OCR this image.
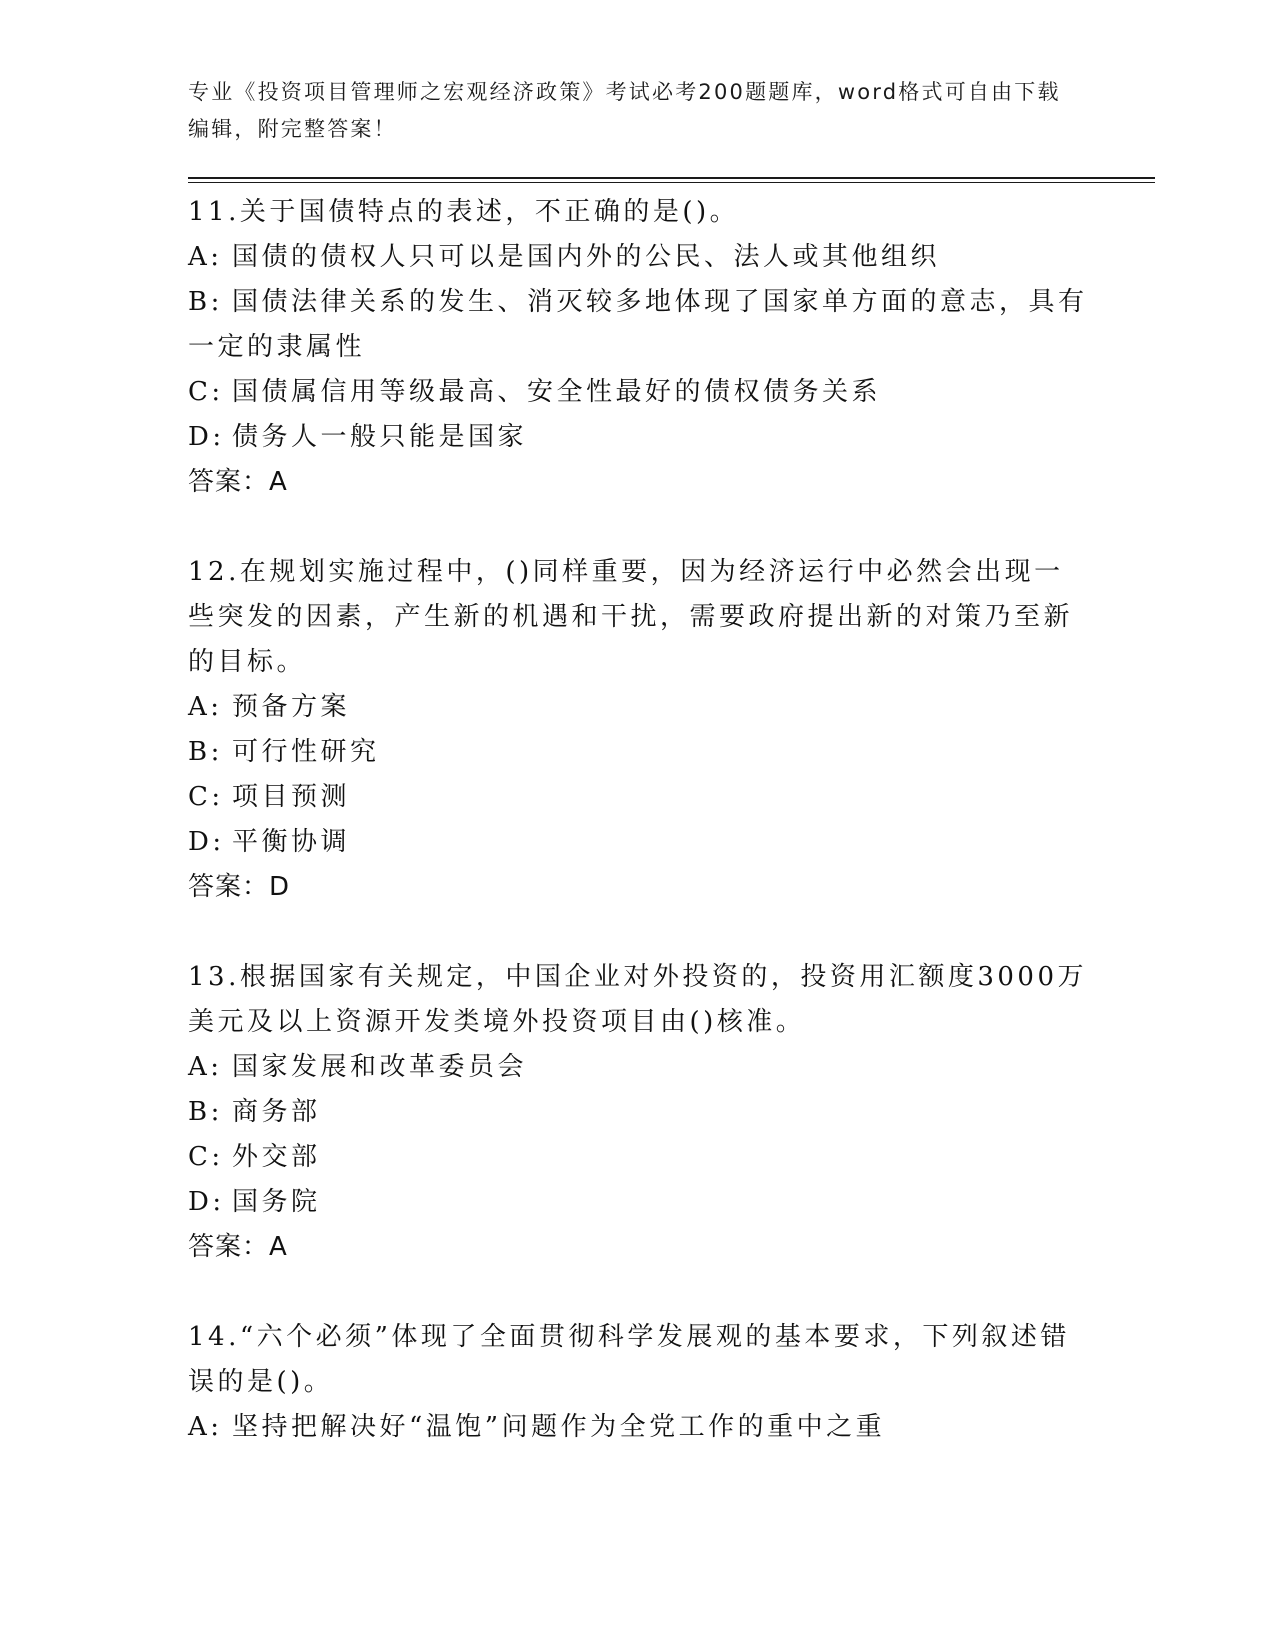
专业《投资项目管理师之宏观经济政策》考试必考200题题库，word格式可自由下载编辑，附完整答案！
11.关于国债特点的表述，不正确的是()。
A: 国债的债权人只可以是国内外的公民、法人或其他组织
B: 国债法律关系的发生、消灭较多地体现了国家单方面的意志，具有一定的隶属性
C: 国债属信用等级最高、安全性最好的债权债务关系
D: 债务人一般只能是国家
答案：A
12.在规划实施过程中，()同样重要，因为经济运行中必然会出现一些突发的因素，产生新的机遇和干扰，需要政府提出新的对策乃至新的目标。
A: 预备方案
B: 可行性研究
C: 项目预测
D: 平衡协调
答案：D
13.根据国家有关规定，中国企业对外投资的，投资用汇额度3000万美元及以上资源开发类境外投资项目由()核准。
A: 国家发展和改革委员会
B: 商务部
C: 外交部
D: 国务院
答案：A
14.“六个必须”体现了全面贯彻科学发展观的基本要求，下列叙述错误的是()。
A: 坚持把解决好“温饱”问题作为全党工作的重中之重
